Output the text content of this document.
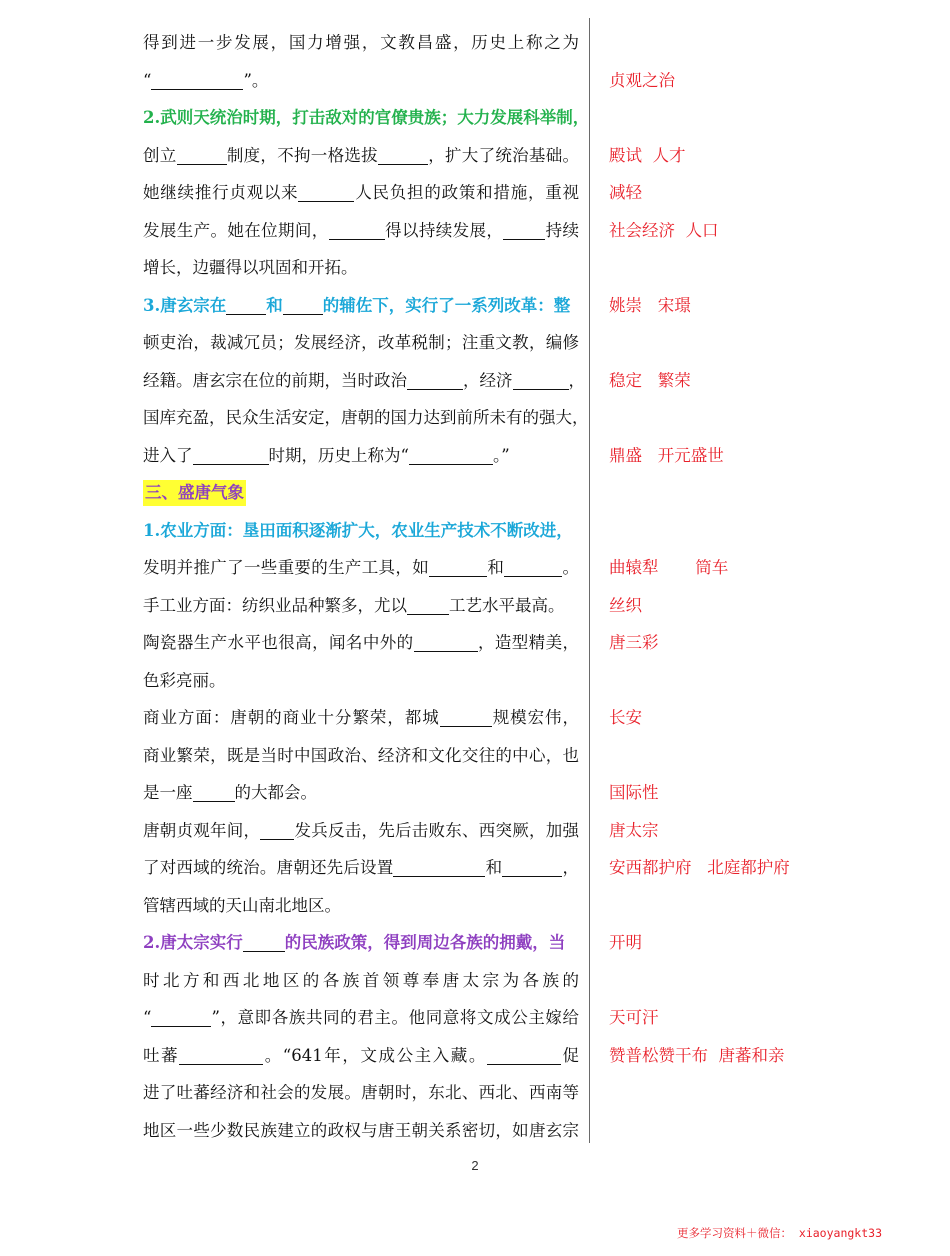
得到进一步发展，国力增强，文教昌盛，历史上称之为
“	”。
2.武则天统治时期，打击敌对的官僚贵族；大力发展科举制，
创立	制度，不拘一格选拔	，扩大了统治基础。
她继续推行贞观以来	人民负担的政策和措施，重视
发展生产。她在位期间，	得以持续发展，	持续
增长，边疆得以巩固和开拓。
3.唐玄宗在 和 的辅佐下，实行了一系列改革：整
顿吏治，裁减冗员；发展经济，改革税制；注重文教，编修
经籍。唐玄宗在位的前期，当时政治	，经济	，
国库充盈，民众生活安定，唐朝的国力达到前所未有的强大，
进入了	时期，历史上称为“	。”
三、盛唐气象
1.农业方面：垦田面积逐渐扩大，农业生产技术不断改进，
发明并推广了一些重要的生产工具，如	和	。
手工业方面：纺织业品种繁多，尤以	工艺水平最高。
陶瓷器生产水平也很高，闻名中外的	，造型精美，
色彩亮丽。
商业方面：唐朝的商业十分繁荣，都城	规模宏伟，
商业繁荣，既是当时中国政治、经济和文化交往的中心，也
是一座	的大都会。
唐朝贞观年间， 发兵反击，先后击败东、西突厥，加强
了对西域的统治。唐朝还先后设置	和	，
管辖西域的天山南北地区。
2.唐太宗实行	的民族政策，得到周边各族的拥戴，当
时北方和西北地区的各族首领尊奉唐太宗为各族的
“	”，意即各族共同的君主。他同意将文成公主嫁给
吐蕃	。“641年，文成公主入藏。	促
进了吐蕃经济和社会的发展。唐朝时，东北、西北、西南等
地区一些少数民族建立的政权与唐王朝关系密切，如唐玄宗
贞观之治
殿试  人才
减轻
社会经济  人口
姚崇   宋璟
稳定   繁荣
鼎盛   开元盛世
曲辕犁       筒车
丝织
唐三彩
长安
国际性
唐太宗
安西都护府   北庭都护府
开明
天可汗
赞普松赞干布  唐蕃和亲
2
更多学习资料＋微信： xiaoyangkt33
